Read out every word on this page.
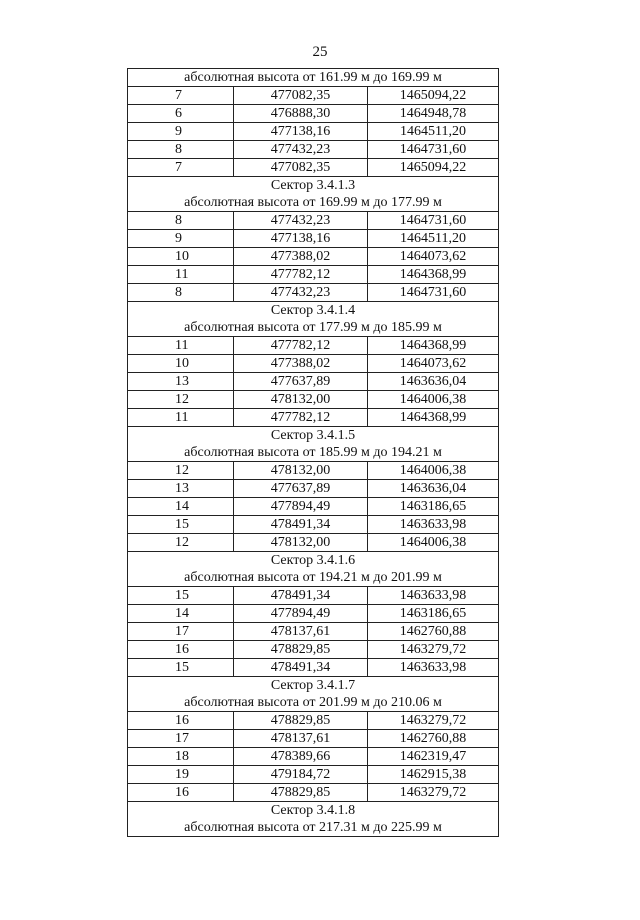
25
абсолютная высота от 161.99 м до 169.99 м		
7	477082,35	1465094,22
6	476888,30	1464948,78
9	477138,16	1464511,20
8	477432,23	1464731,60
7	477082,35	1465094,22
Сектор 3.4.1.3		
абсолютная высота от 169.99 м до 177.99 м		
8	477432,23	1464731,60
9	477138,16	1464511,20
10	477388,02	1464073,62
11	477782,12	1464368,99
8	477432,23	1464731,60
Сектор 3.4.1.4		
абсолютная высота от 177.99 м до 185.99 м		
11	477782,12	1464368,99
10	477388,02	1464073,62
13	477637,89	1463636,04
12	478132,00	1464006,38
11	477782,12	1464368,99
Сектор 3.4.1.5		
абсолютная высота от 185.99 м до 194.21 м		
12	478132,00	1464006,38
13	477637,89	1463636,04
14	477894,49	1463186,65
15	478491,34	1463633,98
12	478132,00	1464006,38
Сектор 3.4.1.6		
абсолютная высота от 194.21 м до 201.99 м		
15	478491,34	1463633,98
14	477894,49	1463186,65
17	478137,61	1462760,88
16	478829,85	1463279,72
15	478491,34	1463633,98
Сектор 3.4.1.7		
абсолютная высота от 201.99 м до 210.06 м		
16	478829,85	1463279,72
17	478137,61	1462760,88
18	478389,66	1462319,47
19	479184,72	1462915,38
16	478829,85	1463279,72
Сектор 3.4.1.8		
абсолютная высота от 217.31 м до 225.99 м		
